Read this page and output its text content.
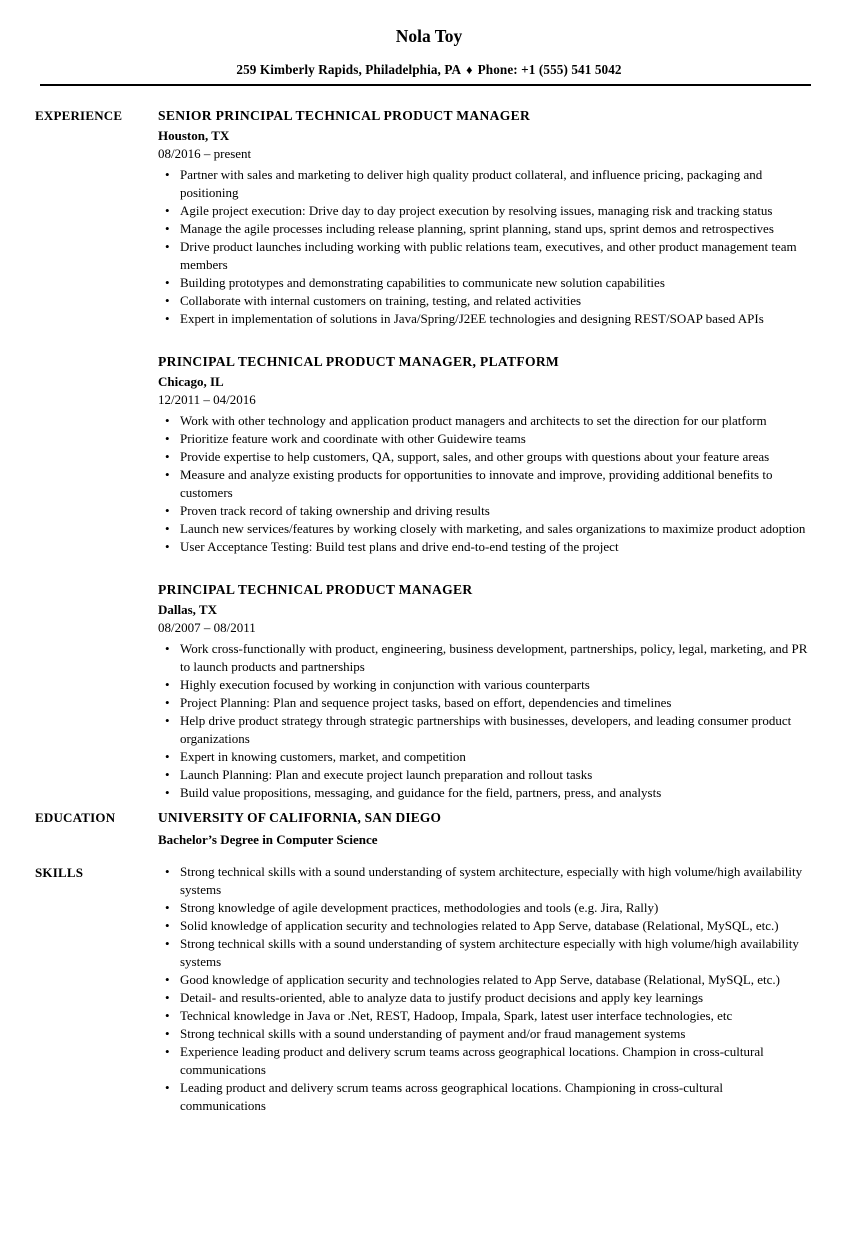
Nola Toy
259 Kimberly Rapids, Philadelphia, PA ♦ Phone: +1 (555) 541 5042
EXPERIENCE	SENIOR PRINCIPAL TECHNICAL PRODUCT MANAGER
Houston, TX
08/2016 – present
• Partner with sales and marketing to deliver high quality product collateral, and influence pricing, packaging and positioning
• Agile project execution: Drive day to day project execution by resolving issues, managing risk and tracking status
• Manage the agile processes including release planning, sprint planning, stand ups, sprint demos and retrospectives
• Drive product launches including working with public relations team, executives, and other product management team members
• Building prototypes and demonstrating capabilities to communicate new solution capabilities
• Collaborate with internal customers on training, testing, and related activities
• Expert in implementation of solutions in Java/Spring/J2EE technologies and designing REST/SOAP based APIs
PRINCIPAL TECHNICAL PRODUCT MANAGER, PLATFORM
Chicago, IL
12/2011 – 04/2016
• Work with other technology and application product managers and architects to set the direction for our platform
• Prioritize feature work and coordinate with other Guidewire teams
• Provide expertise to help customers, QA, support, sales, and other groups with questions about your feature areas
• Measure and analyze existing products for opportunities to innovate and improve, providing additional benefits to customers
• Proven track record of taking ownership and driving results
• Launch new services/features by working closely with marketing, and sales organizations to maximize product adoption
• User Acceptance Testing: Build test plans and drive end-to-end testing of the project
PRINCIPAL TECHNICAL PRODUCT MANAGER
Dallas, TX
08/2007 – 08/2011
• Work cross-functionally with product, engineering, business development, partnerships, policy, legal, marketing, and PR to launch products and partnerships
• Highly execution focused by working in conjunction with various counterparts
• Project Planning: Plan and sequence project tasks, based on effort, dependencies and timelines
• Help drive product strategy through strategic partnerships with businesses, developers, and leading consumer product organizations
• Expert in knowing customers, market, and competition
• Launch Planning: Plan and execute project launch preparation and rollout tasks
• Build value propositions, messaging, and guidance for the field, partners, press, and analysts
EDUCATION	UNIVERSITY OF CALIFORNIA, SAN DIEGO
Bachelor’s Degree in Computer Science
SKILLS	• Strong technical skills with a sound understanding of system architecture, especially with high volume/high availability systems
• Strong knowledge of agile development practices, methodologies and tools (e.g. Jira, Rally)
• Solid knowledge of application security and technologies related to App Serve, database (Relational, MySQL, etc.)
• Strong technical skills with a sound understanding of system architecture especially with high volume/high availability systems
• Good knowledge of application security and technologies related to App Serve, database (Relational, MySQL, etc.)
• Detail- and results-oriented, able to analyze data to justify product decisions and apply key learnings
• Technical knowledge in Java or .Net, REST, Hadoop, Impala, Spark, latest user interface technologies, etc
• Strong technical skills with a sound understanding of payment and/or fraud management systems
• Experience leading product and delivery scrum teams across geographical locations. Champion in cross-cultural communications
• Leading product and delivery scrum teams across geographical locations. Championing in cross-cultural communications
